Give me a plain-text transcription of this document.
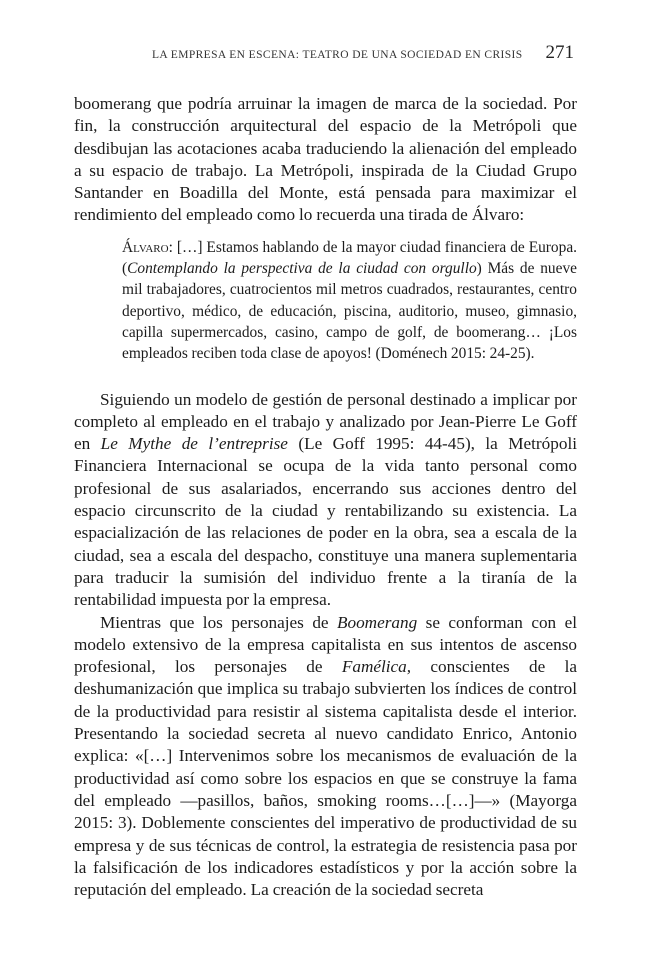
LA EMPRESA EN ESCENA: TEATRO DE UNA SOCIEDAD EN CRISIS 271

boomerang que podría arruinar la imagen de marca de la sociedad. Por fin, la construcción arquitectural del espacio de la Metrópoli que desdibujan las acotaciones acaba traduciendo la alienación del empleado a su espacio de trabajo. La Metrópoli, inspirada de la Ciudad Grupo Santander en Boadilla del Monte, está pensada para maximizar el rendimiento del empleado como lo recuerda una tirada de Álvaro:

Álvaro: […] Estamos hablando de la mayor ciudad financiera de Europa. (Contemplando la perspectiva de la ciudad con orgullo) Más de nueve mil trabajadores, cuatrocientos mil metros cuadrados, restaurantes, centro deportivo, médico, de educación, piscina, auditorio, museo, gimnasio, capilla supermercados, casino, campo de golf, de boomerang… ¡Los empleados reciben toda clase de apoyos! (Doménech 2015: 24-25).

Siguiendo un modelo de gestión de personal destinado a implicar por completo al empleado en el trabajo y analizado por Jean-Pierre Le Goff en Le Mythe de l’entreprise (Le Goff 1995: 44-45), la Metrópoli Financiera Internacional se ocupa de la vida tanto personal como profesional de sus asalariados, encerrando sus acciones dentro del espacio circunscrito de la ciudad y rentabilizando su existencia. La espacialización de las relaciones de poder en la obra, sea a escala de la ciudad, sea a escala del despacho, constituye una manera suplementaria para traducir la sumisión del individuo frente a la tiranía de la rentabilidad impuesta por la empresa.

Mientras que los personajes de Boomerang se conforman con el modelo extensivo de la empresa capitalista en sus intentos de ascenso profesional, los personajes de Famélica, conscientes de la deshumanización que implica su trabajo subvierten los índices de control de la productividad para resistir al sistema capitalista desde el interior. Presentando la sociedad secreta al nuevo candidato Enrico, Antonio explica: «[…] Intervenimos sobre los mecanismos de evaluación de la productividad así como sobre los espacios en que se construye la fama del empleado —pasillos, baños, smoking rooms…[…]—» (Mayorga 2015: 3). Doblemente conscientes del imperativo de productividad de su empresa y de sus técnicas de control, la estrategia de resistencia pasa por la falsificación de los indicadores estadísticos y por la acción sobre la reputación del empleado. La creación de la sociedad secreta
